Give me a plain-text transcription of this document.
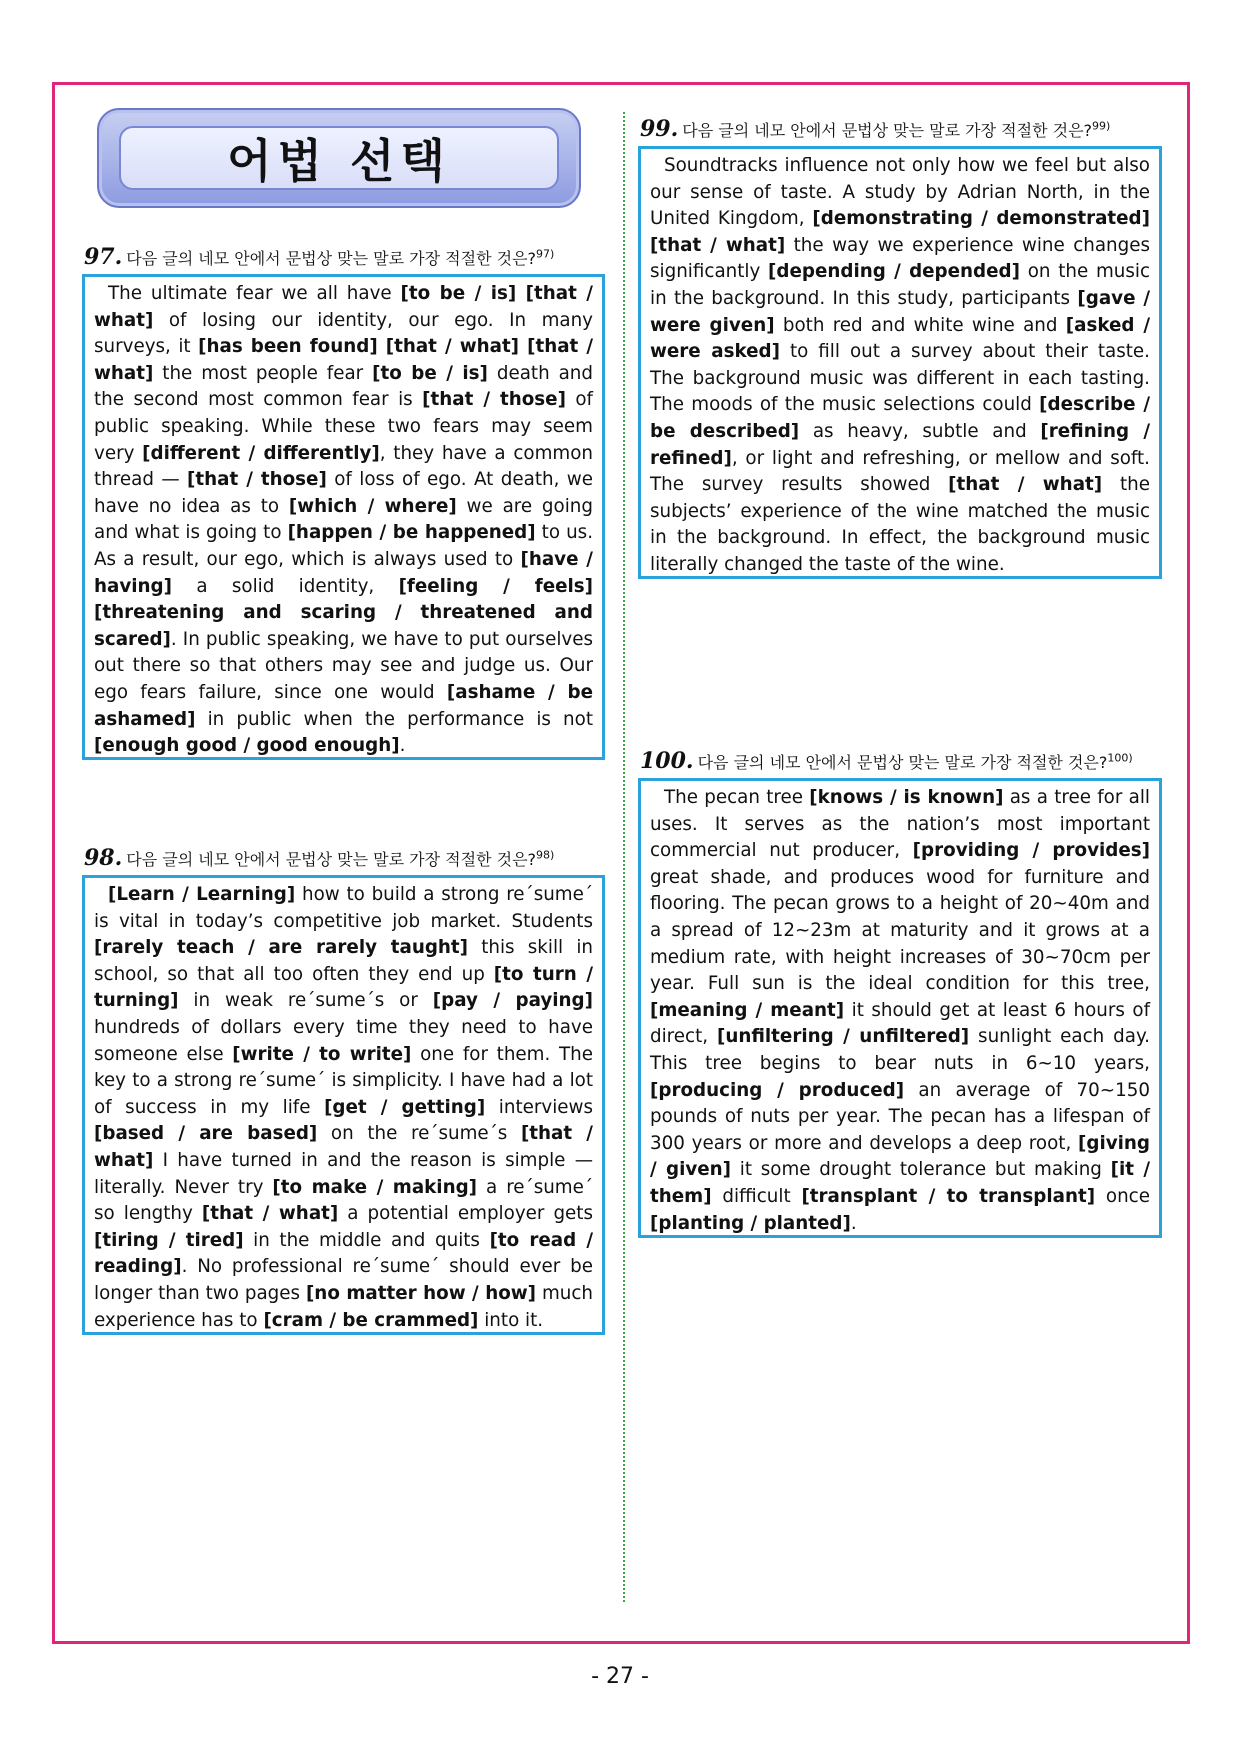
어법 선택
97. 다음 글의 네모 안에서 문법상 맞는 말로 가장 적절한 것은?$^{97)}$

The ultimate fear we all have [to be / is] [that / what] of losing our identity, our ego. In many surveys, it [has been found] [that / what] [that / what] the most people fear [to be / is] death and the second most common fear is [that / those] of public speaking. While these two fears may seem very [different / differently], they have a common thread — [that / those] of loss of ego. At death, we have no idea as to [which / where] we are going and what is going to [happen / be happened] to us. As a result, our ego, which is always used to [have / having] a solid identity, [feeling / feels] [threatening and scaring / threatened and scared]. In public speaking, we have to put ourselves out there so that others may see and judge us. Our ego fears failure, since one would [ashame / be ashamed] in public when the performance is not [enough good / good enough].

98. 다음 글의 네모 안에서 문법상 맞는 말로 가장 적절한 것은?$^{98)}$

[Learn / Learning] how to build a strong re´sume´ is vital in today’s competitive job market. Students [rarely teach / are rarely taught] this skill in school, so that all too often they end up [to turn / turning] in weak re´sume´s or [pay / paying] hundreds of dollars every time they need to have someone else [write / to write] one for them. The key to a strong re´sume´ is simplicity. I have had a lot of success in my life [get / getting] interviews [based / are based] on the re´sume´s [that / what] I have turned in and the reason is simple — literally. Never try [to make / making] a re´sume´ so lengthy [that / what] a potential employer gets [tiring / tired] in the middle and quits [to read / reading]. No professional re´sume´ should ever be longer than two pages [no matter how / how] much experience has to [cram / be crammed] into it.

99. 다음 글의 네모 안에서 문법상 맞는 말로 가장 적절한 것은?$^{99)}$

Soundtracks influence not only how we feel but also our sense of taste. A study by Adrian North, in the United Kingdom, [demonstrating / demonstrated] [that / what] the way we experience wine changes significantly [depending / depended] on the music in the background. In this study, participants [gave / were given] both red and white wine and [asked / were asked] to fill out a survey about their taste. The background music was different in each tasting. The moods of the music selections could [describe / be described] as heavy, subtle and [refining / refined], or light and refreshing, or mellow and soft. The survey results showed [that / what] the subjects’ experience of the wine matched the music in the background. In effect, the background music literally changed the taste of the wine.

100. 다음 글의 네모 안에서 문법상 맞는 말로 가장 적절한 것은?$^{100)}$

The pecan tree [knows / is known] as a tree for all uses. It serves as the nation’s most important commercial nut producer, [providing / provides] great shade, and produces wood for furniture and flooring. The pecan grows to a height of 20~40m and a spread of 12~23m at maturity and it grows at a medium rate, with height increases of 30~70cm per year. Full sun is the ideal condition for this tree, [meaning / meant] it should get at least 6 hours of direct, [unfiltering / unfiltered] sunlight each day. This tree begins to bear nuts in 6~10 years, [producing / produced] an average of 70~150 pounds of nuts per year. The pecan has a lifespan of 300 years or more and develops a deep root, [giving / given] it some drought tolerance but making [it / them] difficult [transplant / to transplant] once [planting / planted].

- 27 -
